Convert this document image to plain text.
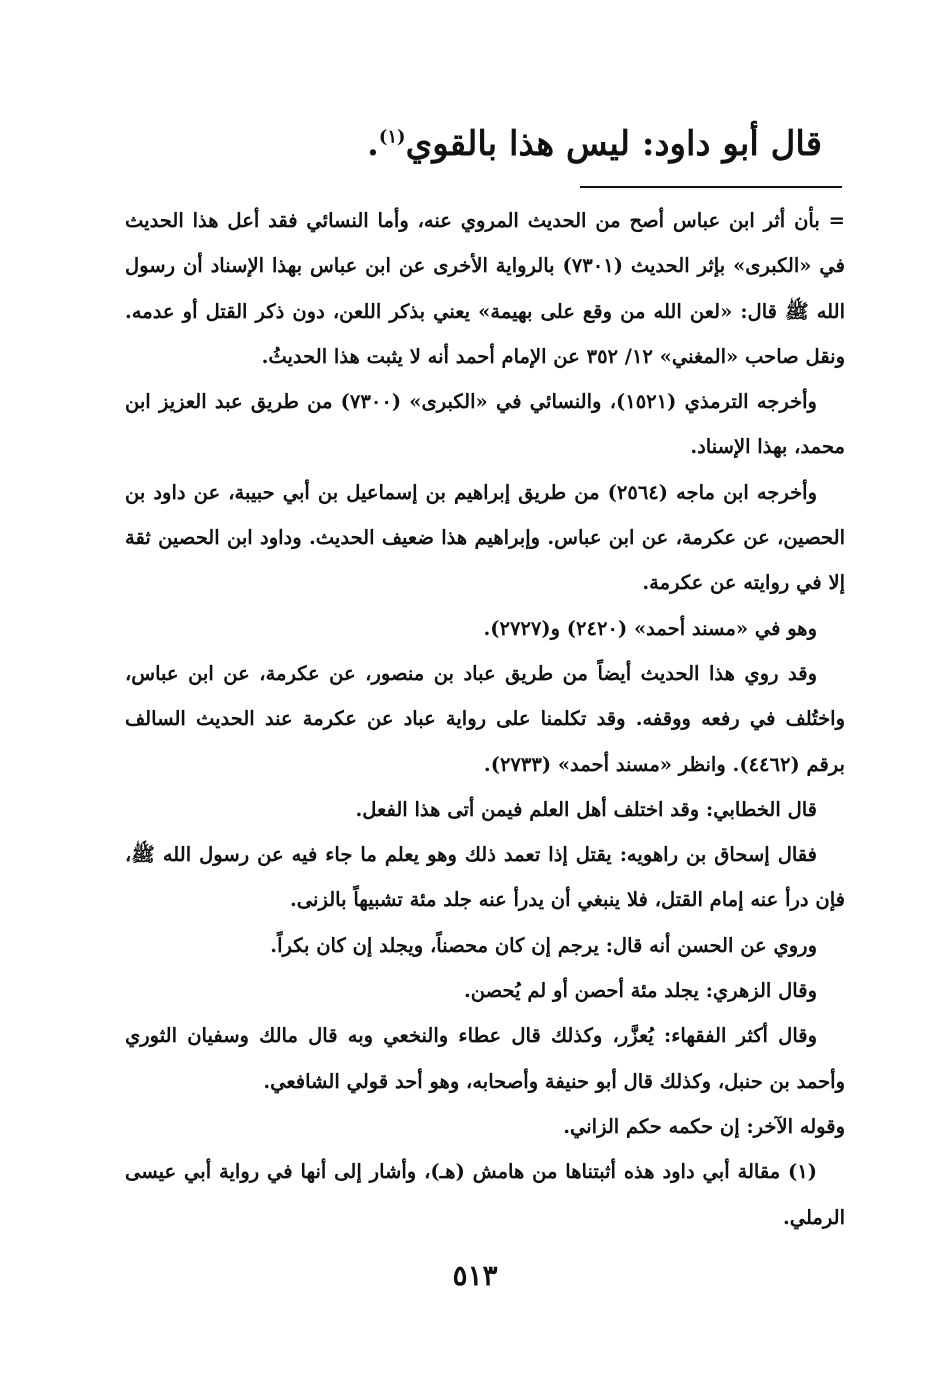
قال أبو داود: ليس هذا بالقوي$^{(١)}$.

= بأن أثر ابن عباس أصح من الحديث المروي عنه، وأما النسائي فقد أعل هذا الحديث في «الكبرى» بإثر الحديث (٧٣٠١) بالرواية الأخرى عن ابن عباس بهذا الإسناد أن رسول الله ﷺ قال: «لعن الله من وقع على بهيمة» يعني بذكر اللعن، دون ذكر القتل أو عدمه. ونقل صاحب «المغني» ١٢/ ٣٥٢ عن الإمام أحمد أنه لا يثبت هذا الحديثُ.

وأخرجه الترمذي (١٥٢١)، والنسائي في «الكبرى» (٧٣٠٠) من طريق عبد العزيز ابن محمد، بهذا الإسناد.

وأخرجه ابن ماجه (٢٥٦٤) من طريق إبراهيم بن إسماعيل بن أبي حبيبة، عن داود بن الحصين، عن عكرمة، عن ابن عباس. وإبراهيم هذا ضعيف الحديث. وداود ابن الحصين ثقة إلا في روايته عن عكرمة.

وهو في «مسند أحمد» (٢٤٢٠) و(٢٧٢٧).

وقد روي هذا الحديث أيضاً من طريق عباد بن منصور، عن عكرمة، عن ابن عباس، واختُلف في رفعه ووقفه. وقد تكلمنا على رواية عباد عن عكرمة عند الحديث السالف برقم (٤٤٦٢). وانظر «مسند أحمد» (٢٧٣٣).

قال الخطابي: وقد اختلف أهل العلم فيمن أتى هذا الفعل.

فقال إسحاق بن راهويه: يقتل إذا تعمد ذلك وهو يعلم ما جاء فيه عن رسول الله ﷺ، فإن درأ عنه إمام القتل، فلا ينبغي أن يدرأ عنه جلد مئة تشبيهاً بالزنى.

وروي عن الحسن أنه قال: يرجم إن كان محصناً، ويجلد إن كان بكراً.

وقال الزهري: يجلد مئة أحصن أو لم يُحصن.

وقال أكثر الفقهاء: يُعزَّر، وكذلك قال عطاء والنخعي وبه قال مالك وسفيان الثوري وأحمد بن حنبل، وكذلك قال أبو حنيفة وأصحابه، وهو أحد قولي الشافعي.

وقوله الآخر: إن حكمه حكم الزاني.

(١) مقالة أبي داود هذه أثبتناها من هامش (هـ)، وأشار إلى أنها في رواية أبي عيسى الرملي.

٥١٣
